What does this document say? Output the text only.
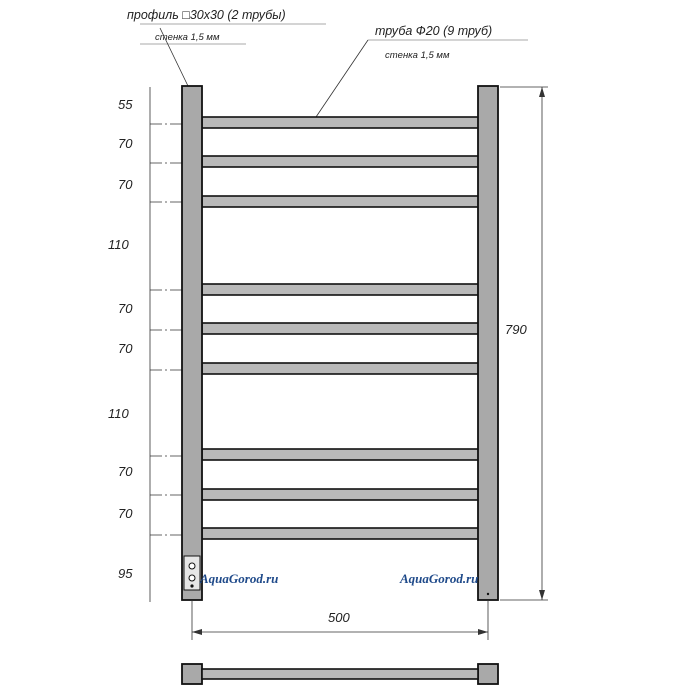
профиль □30х30 (2 трубы)
стенка 1,5 мм	труба Ф20 (9 труб)
стенка 1,5 мм
790
55
70
70
110
70
70
110
70
70
95
500
AquaGorod.ru	AquaGorod.ru
